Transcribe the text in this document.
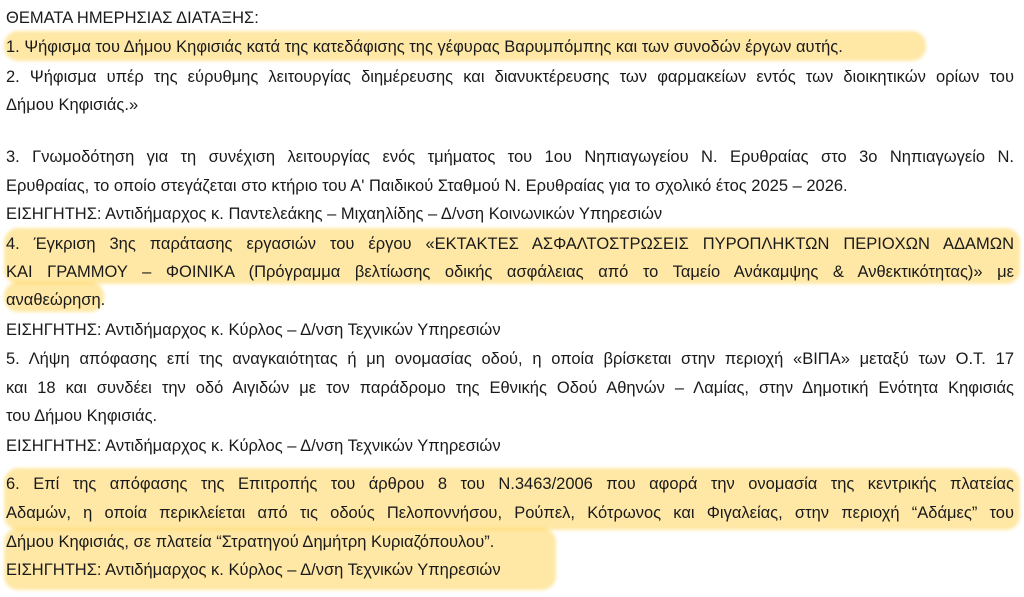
ΘΕΜΑΤΑ ΗΜΕΡΗΣΙΑΣ ΔΙΑΤΑΞΗΣ:
1. Ψήφισμα του Δήμου Κηφισιάς κατά της κατεδάφισης της γέφυρας Βαρυμπόμπης και των συνοδών έργων αυτής.
2. Ψήφισμα υπέρ της εύρυθμης λειτουργίας διημέρευσης και διανυκτέρευσης των φαρμακείων εντός των διοικητικών ορίων του
Δήμου Κηφισιάς.»
3. Γνωμοδότηση για τη συνέχιση λειτουργίας ενός τμήματος του 1ου Νηπιαγωγείου Ν. Ερυθραίας στο 3ο Νηπιαγωγείο Ν.
Ερυθραίας, το οποίο στεγάζεται στο κτήριο του Α' Παιδικού Σταθμού Ν. Ερυθραίας για το σχολικό έτος 2025 – 2026.
ΕΙΣΗΓΗΤΗΣ: Αντιδήμαρχος κ. Παντελεάκης – Μιχαηλίδης – Δ/νση Κοινωνικών Υπηρεσιών
4. Έγκριση 3ης παράτασης εργασιών του έργου «ΕΚΤΑΚΤΕΣ ΑΣΦΑΛΤΟΣΤΡΩΣΕΙΣ ΠΥΡΟΠΛΗΚΤΩΝ ΠΕΡΙΟΧΩΝ ΑΔΑΜΩΝ
ΚΑΙ ΓΡΑΜΜΟΥ – ΦΟΙΝΙΚΑ (Πρόγραμμα βελτίωσης οδικής ασφάλειας από το Ταμείο Ανάκαμψης & Ανθεκτικότητας)» με
αναθεώρηση.
ΕΙΣΗΓΗΤΗΣ: Αντιδήμαρχος κ. Κύρλος – Δ/νση Τεχνικών Υπηρεσιών
5. Λήψη απόφασης επί της αναγκαιότητας ή μη ονομασίας οδού, η οποία βρίσκεται στην περιοχή «ΒΙΠΑ» μεταξύ των Ο.Τ. 17
και 18 και συνδέει την οδό Αιγιδών με τον παράδρομο της Εθνικής Οδού Αθηνών – Λαμίας, στην Δημοτική Ενότητα Κηφισιάς
του Δήμου Κηφισιάς.
ΕΙΣΗΓΗΤΗΣ: Αντιδήμαρχος κ. Κύρλος – Δ/νση Τεχνικών Υπηρεσιών
6. Επί της απόφασης της Επιτροπής του άρθρου 8 του Ν.3463/2006 που αφορά την ονομασία της κεντρικής πλατείας
Αδαμών, η οποία περικλείεται από τις οδούς Πελοποννήσου, Ρούπελ, Κότρωνος και Φιγαλείας, στην περιοχή “Αδάμες” του
Δήμου Κηφισιάς, σε πλατεία “Στρατηγού Δημήτρη Κυριαζόπουλου”.
ΕΙΣΗΓΗΤΗΣ: Αντιδήμαρχος κ. Κύρλος – Δ/νση Τεχνικών Υπηρεσιών
